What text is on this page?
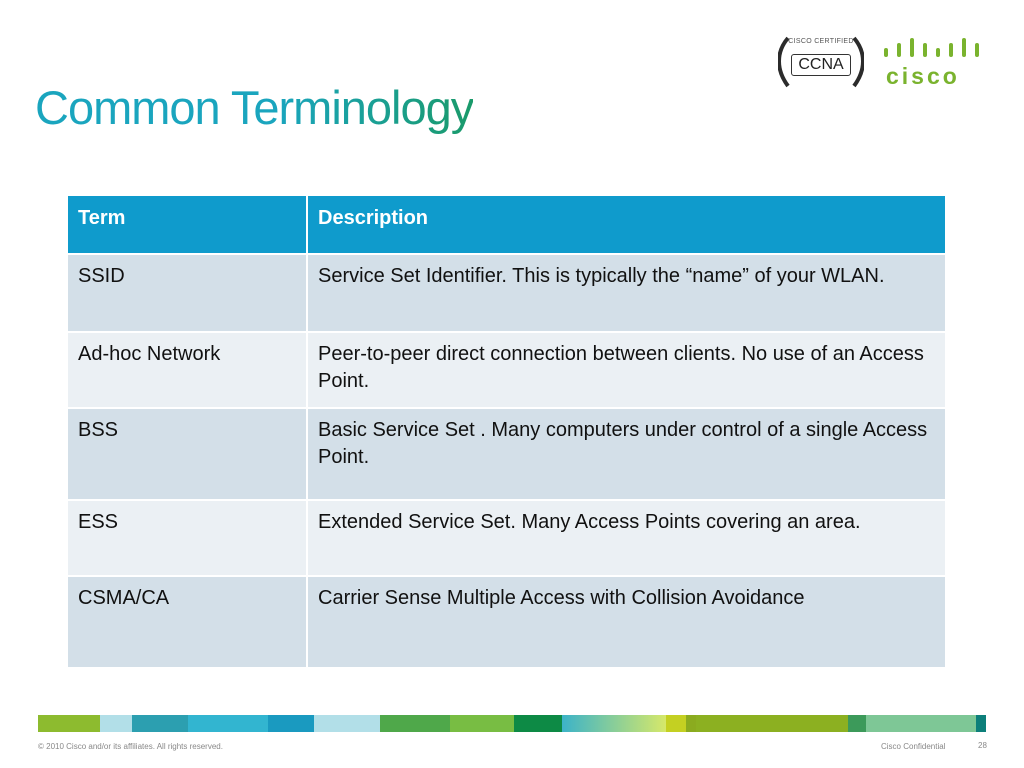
Common Terminology
CISCO CERTIFIED
CCNA	cisco
Term	Description
SSID	Service Set Identifier. This is typically the “name” of your WLAN.
Ad-hoc Network	Peer-to-peer direct connection between clients. No use of an Access Point.
BSS	Basic Service Set . Many computers under control of a single Access Point.
ESS	Extended Service Set. Many Access Points covering an area.
CSMA/CA	Carrier Sense Multiple Access with Collision Avoidance
© 2010 Cisco and/or its affiliates. All rights reserved.	Cisco Confidential	28
